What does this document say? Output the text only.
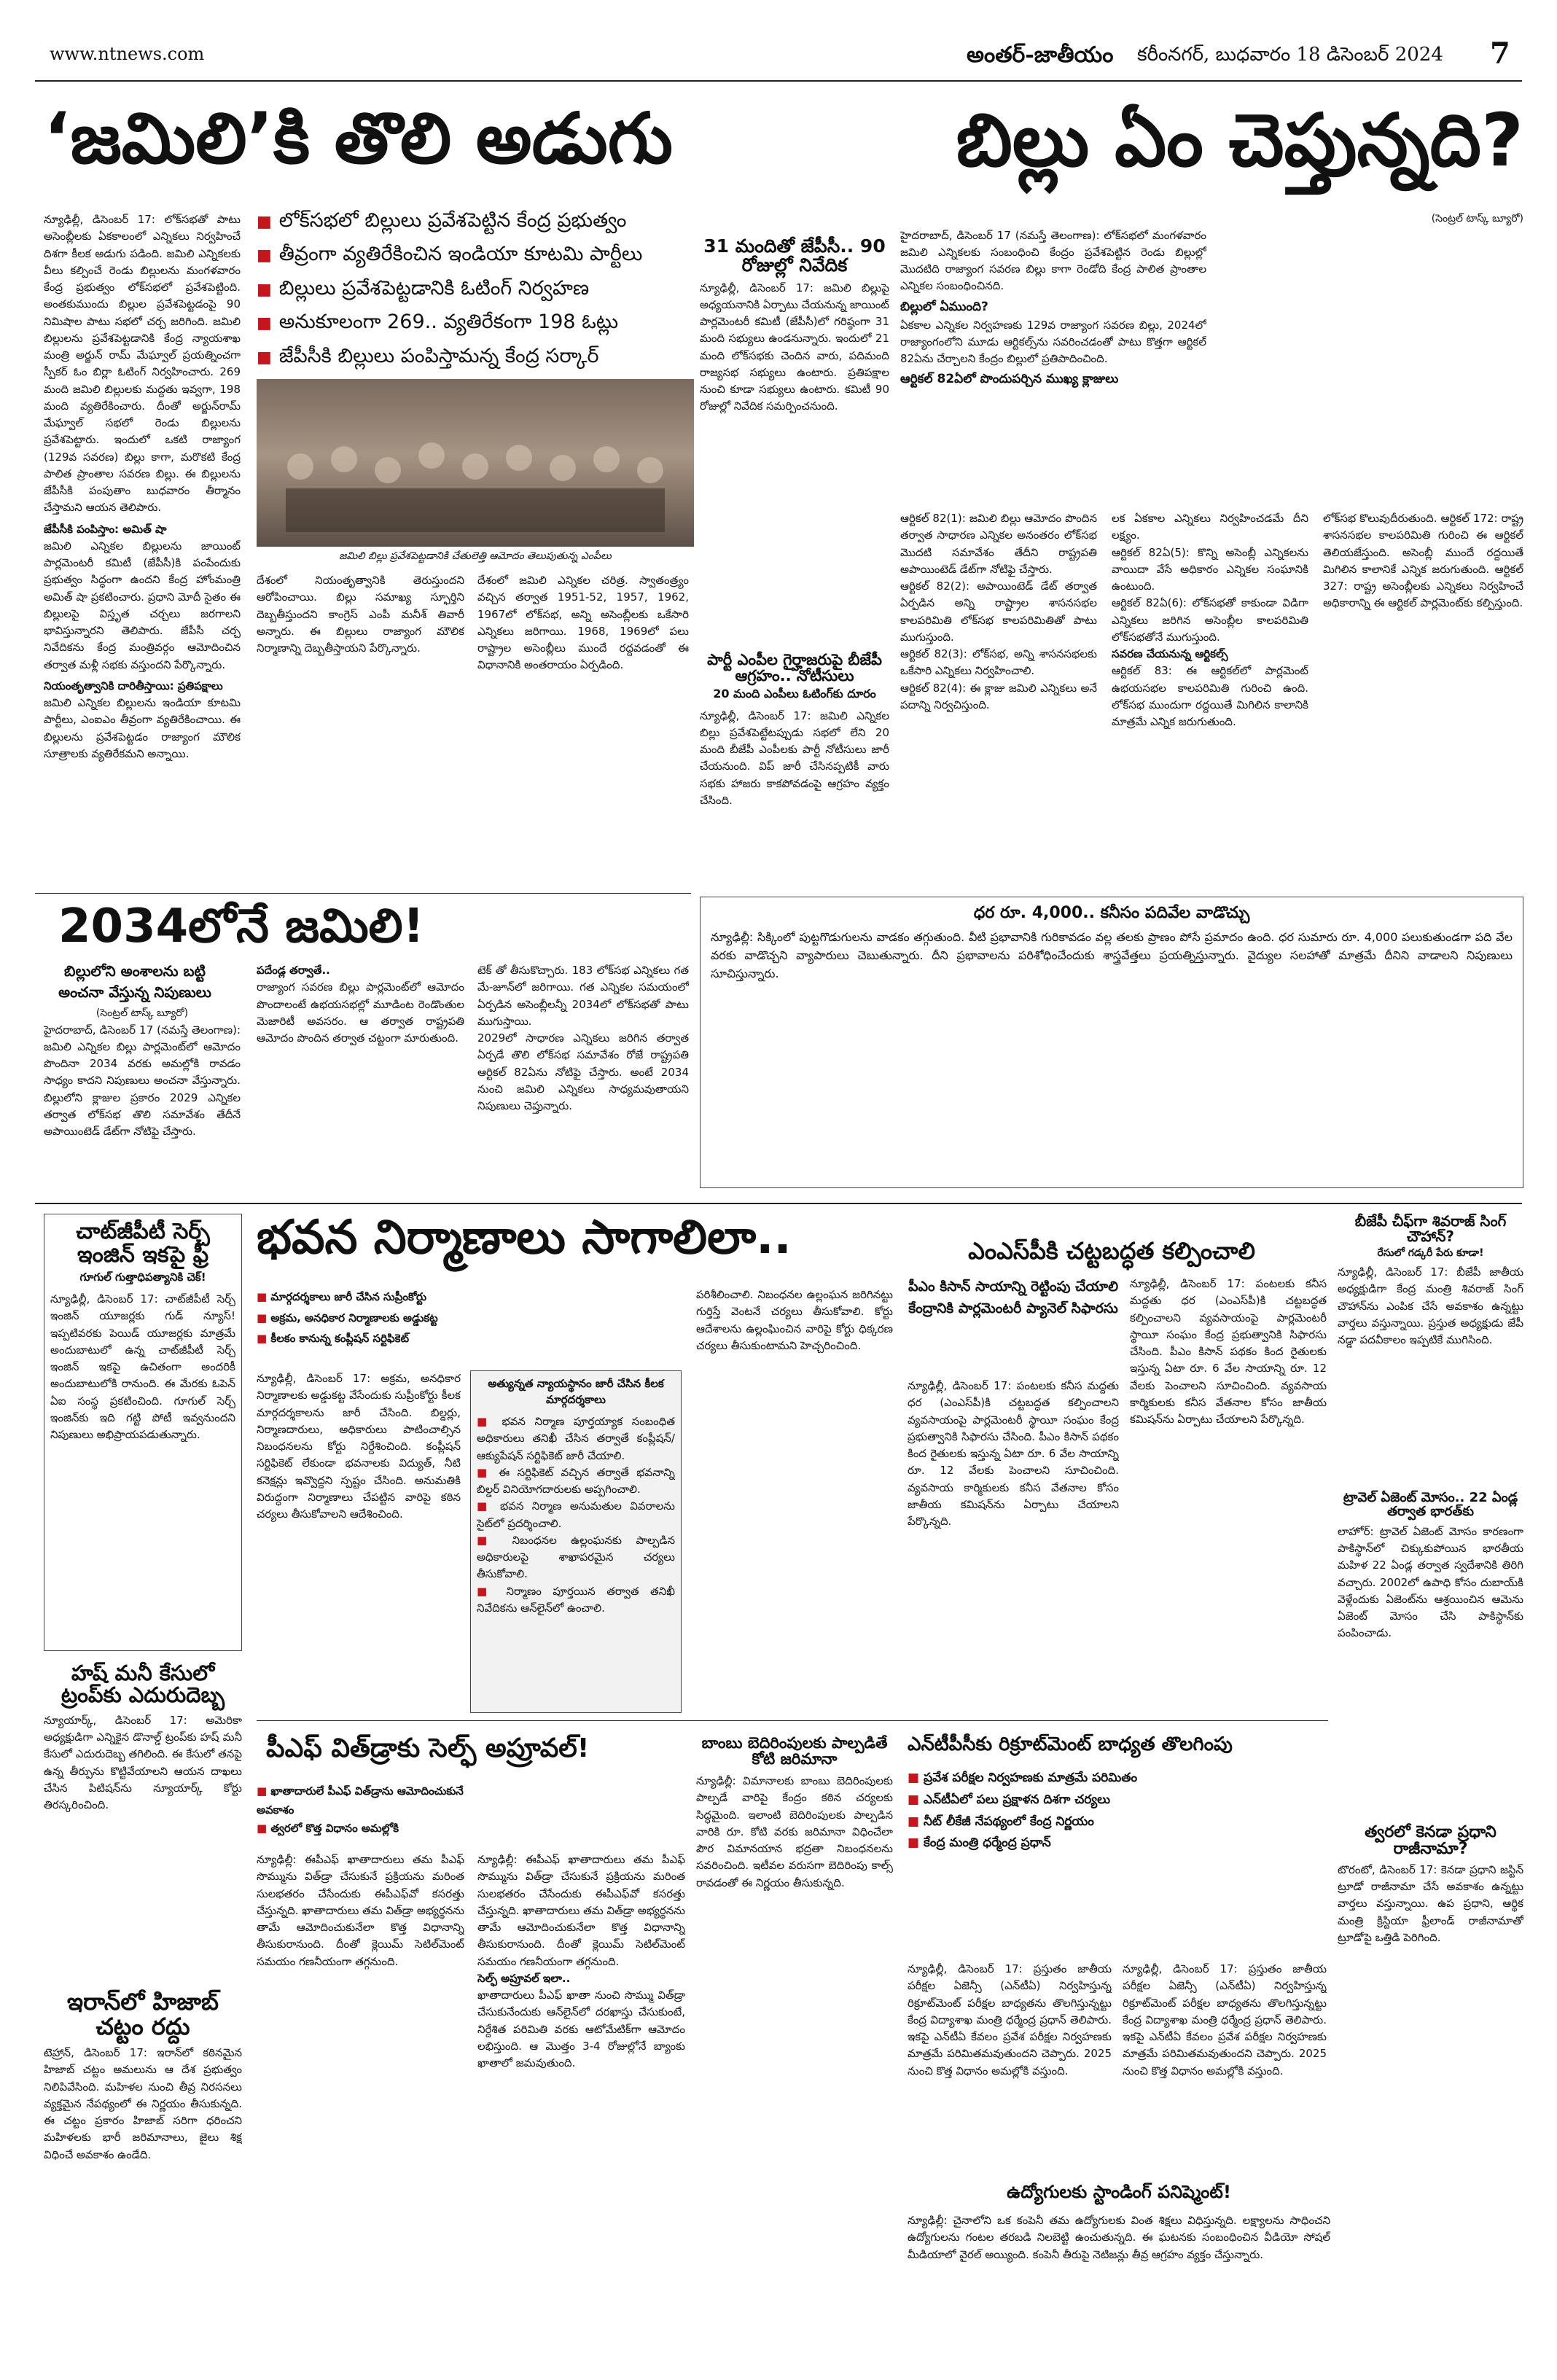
www.ntnews.com	అంతర్‌-జాతీయం కరీంనగర్‌, బుధవారం 18 డిసెంబర్‌ 2024 7
‘జమిలి’కి తొలి అడుగు	బిల్లు ఏం చెప్తున్నది?
న్యూఢిల్లీ, డిసెంబర్‌ 17: లోక్‌సభతో పాటు అసెంబ్లీలకు ఏకకాలంలో ఎన్నికలు నిర్వహించే దిశగా కీలక అడుగు పడింది. జమిలి ఎన్నికలకు వీలు కల్పించే రెండు బిల్లులను మంగళవారం కేంద్ర ప్రభుత్వం లోక్‌సభలో ప్రవేశపెట్టింది. అంతకుముందు బిల్లుల ప్రవేశపెట్టడంపై 90 నిమిషాల పాటు సభలో చర్చ జరిగింది. జమిలి బిల్లులను ప్రవేశపెట్టడానికి కేంద్ర న్యాయశాఖ మంత్రి అర్జున్‌ రామ్‌ మేఘ్వాల్‌ ప్రయత్నించగా స్పీకర్‌ ఓం బిర్లా ఓటింగ్‌ నిర్వహించారు. 269 మంది జమిలి బిల్లులకు మద్దతు ఇవ్వగా, 198 మంది వ్యతిరేకించారు. దీంతో అర్జున్‌రామ్‌ మేఘ్వాల్‌ సభలో రెండు బిల్లులను ప్రవేశపెట్టారు. ఇందులో ఒకటి రాజ్యాంగ (129వ సవరణ) బిల్లు కాగా, మరొకటి కేంద్ర పాలిత ప్రాంతాల సవరణ బిల్లు. ఈ బిల్లులను జేపీసీకి పంపుతాం బుధవారం తీర్మానం చేస్తామని ఆయన తెలిపారు.
జేపీసీకి పంపిస్తాం: అమిత్‌ షా
జమిలి ఎన్నికల బిల్లులను జాయింట్‌ పార్లమెంటరీ కమిటీ (జేపీసీ)కి పంపేందుకు ప్రభుత్వం సిద్ధంగా ఉందని కేంద్ర హోంమంత్రి అమిత్‌ షా ప్రకటించారు. ప్రధాని మోదీ సైతం ఈ బిల్లులపై విస్తృత చర్చలు జరగాలని భావిస్తున్నారని తెలిపారు. జేపీసీ చర్చ నివేదికను కేంద్ర మంత్రివర్గం ఆమోదించిన తర్వాత మళ్లీ సభకు వస్తుందని పేర్కొన్నారు.
నియంతృత్వానికి దారితీస్తాయి: ప్రతిపక్షాలు
జమిలి ఎన్నికల బిల్లులను ఇండియా కూటమి పార్టీలు, ఎంఐఎం తీవ్రంగా వ్యతిరేకించాయి. ఈ బిల్లులను ప్రవేశపెట్టడం రాజ్యాంగ మౌలిక సూత్రాలకు వ్యతిరేకమని అన్నాయి.
■ లోక్‌సభలో బిల్లులు ప్రవేశపెట్టిన కేంద్ర ప్రభుత్వం
■ తీవ్రంగా వ్యతిరేకించిన ఇండియా కూటమి పార్టీలు
■ బిల్లులు ప్రవేశపెట్టడానికి ఓటింగ్‌ నిర్వహణ
■ అనుకూలంగా 269.. వ్యతిరేకంగా 198 ఓట్లు
■ జేపీసీకి బిల్లులు పంపిస్తామన్న కేంద్ర సర్కార్‌
జమిలి బిల్లు ప్రవేశపెట్టడానికి చేతులెత్తి ఆమోదం తెలుపుతున్న ఎంపీలు
దేశంలో నియంతృత్వానికి తెరుస్తుందని ఆరోపించాయి. బిల్లు సమాఖ్య స్ఫూర్తిని దెబ్బతీస్తుందని కాంగ్రెస్‌ ఎంపీ మనీశ్‌ తివారీ అన్నారు. ఈ బిల్లులు రాజ్యాంగ మౌలిక నిర్మాణాన్ని దెబ్బతీస్తాయని పేర్కొన్నారు.
దేశంలో జమిలి ఎన్నికల చరిత్ర. స్వాతంత్ర్యం వచ్చిన తర్వాత 1951-52, 1957, 1962, 1967లో లోక్‌సభ, అన్ని అసెంబ్లీలకు ఒకేసారి ఎన్నికలు జరిగాయి. 1968, 1969లో పలు రాష్ట్రాల అసెంబ్లీలు ముందే రద్దవడంతో ఈ విధానానికి అంతరాయం ఏర్పడింది.
31 మందితో జేపీసీ.. 90 రోజుల్లో నివేదిక
న్యూఢిల్లీ, డిసెంబర్‌ 17: జమిలి బిల్లుపై అధ్యయనానికి ఏర్పాటు చేయనున్న జాయింట్‌ పార్లమెంటరీ కమిటీ (జేపీసీ)లో గరిష్ఠంగా 31 మంది సభ్యులు ఉండనున్నారు. ఇందులో 21 మంది లోక్‌సభకు చెందిన వారు, పదిమంది రాజ్యసభ సభ్యులు ఉంటారు. ప్రతిపక్షాల నుంచి కూడా సభ్యులు ఉంటారు. కమిటీ 90 రోజుల్లో నివేదిక సమర్పించనుంది.
పార్టీ ఎంపీల గైర్హాజరుపై బీజేపీ ఆగ్రహం.. నోటీసులు
20 మంది ఎంపీలు ఓటింగ్‌కు దూరం
న్యూఢిల్లీ, డిసెంబర్‌ 17: జమిలి ఎన్నికల బిల్లు ప్రవేశపెట్టేటప్పుడు సభలో లేని 20 మంది బీజేపీ ఎంపీలకు పార్టీ నోటీసులు జారీ చేయనుంది. విప్‌ జారీ చేసినప్పటికీ వారు సభకు హాజరు కాకపోవడంపై ఆగ్రహం వ్యక్తం చేసింది.
(సెంట్రల్‌ టాస్క్‌ బ్యూరో)
హైదరాబాద్‌, డిసెంబర్‌ 17 (నమస్తే తెలంగాణ): లోక్‌సభలో మంగళవారం జమిలి ఎన్నికలకు సంబంధించి కేంద్రం ప్రవేశపెట్టిన రెండు బిల్లుల్లో మొదటిది రాజ్యాంగ సవరణ బిల్లు కాగా రెండోది కేంద్ర పాలిత ప్రాంతాల ఎన్నికల సంబంధించినది.
బిల్లులో ఏముంది?
ఏకకాల ఎన్నికల నిర్వహణకు 129వ రాజ్యాంగ సవరణ బిల్లు, 2024లో రాజ్యాంగంలోని మూడు ఆర్టికల్స్‌ను సవరించడంతో పాటు కొత్తగా ఆర్టికల్‌ 82ఏను చేర్చాలని కేంద్రం బిల్లులో ప్రతిపాదించింది.
ఆర్టికల్‌ 82ఏలో పొందుపర్చిన ముఖ్య క్లాజులు
ఆర్టికల్‌ 82(1): జమిలి బిల్లు ఆమోదం పొందిన తర్వాత సాధారణ ఎన్నికల అనంతరం లోక్‌సభ మొదటి సమావేశం తేదీని రాష్ట్రపతి అపాయింటెడ్‌ డేట్‌గా నోటిఫై చేస్తారు.
ఆర్టికల్‌ 82(2): అపాయింటెడ్‌ డేట్‌ తర్వాత ఏర్పడిన అన్ని రాష్ట్రాల శాసనసభల కాలపరిమితి లోక్‌సభ కాలపరిమితితో పాటు ముగుస్తుంది.
ఆర్టికల్‌ 82(3): లోక్‌సభ, అన్ని శాసనసభలకు ఒకేసారి ఎన్నికలు నిర్వహించాలి.
ఆర్టికల్‌ 82(4): ఈ క్లాజు జమిలి ఎన్నికలు అనే పదాన్ని నిర్వచిస్తుంది.
లక ఏకకాల ఎన్నికలు నిర్వహించడమే దీని లక్ష్యం.
ఆర్టికల్‌ 82ఏ(5): కొన్ని అసెంబ్లీ ఎన్నికలను వాయిదా వేసే అధికారం ఎన్నికల సంఘానికి ఉంటుంది.
ఆర్టికల్‌ 82ఏ(6): లోక్‌సభతో కాకుండా విడిగా ఎన్నికలు జరిగిన అసెంబ్లీల కాలపరిమితి లోక్‌సభతోనే ముగుస్తుంది.
సవరణ చేయనున్న ఆర్టికల్స్‌
ఆర్టికల్‌ 83: ఈ ఆర్టికల్‌లో పార్లమెంట్‌ ఉభయసభల కాలపరిమితి గురించి ఉంది. లోక్‌సభ ముందుగా రద్దయితే మిగిలిన కాలానికి మాత్రమే ఎన్నిక జరుగుతుంది.
లోక్‌సభ కొలువుదీరుతుంది. ఆర్టికల్‌ 172: రాష్ట్ర శాసనసభల కాలపరిమితి గురించి ఈ ఆర్టికల్‌ తెలియజేస్తుంది. అసెంబ్లీ ముందే రద్దయితే మిగిలిన కాలానికే ఎన్నిక జరుగుతుంది. ఆర్టికల్‌ 327: రాష్ట్ర అసెంబ్లీలకు ఎన్నికలు నిర్వహించే అధికారాన్ని ఈ ఆర్టికల్‌ పార్లమెంట్‌కు కల్పిస్తుంది.
ధర రూ. 4,000.. కనీసం పదివేల వాడొచ్చు
న్యూఢిల్లీ: సిక్కింలో పుట్టగొడుగులను వాడకం తగ్గుతుంది. వీటి ప్రభావానికి గురికావడం వల్ల తలకు ప్రాణం పోసే ప్రమాదం ఉంది. ధర సుమారు రూ. 4,000 పలుకుతుండగా పది వేల వరకు వాడొచ్చని వ్యాపారులు చెబుతున్నారు. దీని ప్రభావాలను పరిశోధించేందుకు శాస్త్రవేత్తలు ప్రయత్నిస్తున్నారు. వైద్యుల సలహాతో మాత్రమే దీనిని వాడాలని నిపుణులు సూచిస్తున్నారు.
2034లోనే జమిలి!
బిల్లులోని అంశాలను బట్టి అంచనా వేస్తున్న నిపుణులు
(సెంట్రల్‌ టాస్క్‌ బ్యూరో)
హైదరాబాద్‌, డిసెంబర్‌ 17 (నమస్తే తెలంగాణ): జమిలి ఎన్నికల బిల్లు పార్లమెంట్‌లో ఆమోదం పొందినా 2034 వరకు అమల్లోకి రావడం సాధ్యం కాదని నిపుణులు అంచనా వేస్తున్నారు. బిల్లులోని క్లాజుల ప్రకారం 2029 ఎన్నికల తర్వాత లోక్‌సభ తొలి సమావేశం తేదీనే అపాయింటెడ్‌ డేట్‌గా నోటిఫై చేస్తారు.
పదేండ్ల తర్వాతే..
రాజ్యాంగ సవరణ బిల్లు పార్లమెంట్‌లో ఆమోదం పొందాలంటే ఉభయసభల్లో మూడింట రెండొంతుల మెజారిటీ అవసరం. ఆ తర్వాత రాష్ట్రపతి ఆమోదం పొందిన తర్వాత చట్టంగా మారుతుంది.
టెక్‌ తో తీసుకొచ్చారు. 183 లోక్‌సభ ఎన్నికలు గత మే-జూన్‌లో జరిగాయి. గత ఎన్నికల సమయంలో ఏర్పడిన అసెంబ్లీలన్నీ 2034లో లోక్‌సభతో పాటు ముగుస్తాయి.
2029లో సాధారణ ఎన్నికలు జరిగిన తర్వాత ఏర్పడే తొలి లోక్‌సభ సమావేశం రోజే రాష్ట్రపతి ఆర్టికల్‌ 82ఏను నోటిఫై చేస్తారు. అంటే 2034 నుంచి జమిలి ఎన్నికలు సాధ్యమవుతాయని నిపుణులు చెప్తున్నారు.
చాట్‌జీపీటీ సెర్చ్‌ ఇంజిన్‌ ఇకపై ఫ్రీ
గూగుల్‌ గుత్తాధిపత్యానికి చెక్‌!
న్యూఢిల్లీ, డిసెంబర్‌ 17: చాట్‌జీపీటీ సెర్చ్‌ ఇంజిన్‌ యూజర్లకు గుడ్‌ న్యూస్‌! ఇప్పటివరకు పెయిడ్‌ యూజర్లకు మాత్రమే అందుబాటులో ఉన్న చాట్‌జీపీటీ సెర్చ్‌ ఇంజిన్‌ ఇకపై ఉచితంగా అందరికీ అందుబాటులోకి రానుంది. ఈ మేరకు ఓపెన్‌ ఏఐ సంస్థ ప్రకటించింది. గూగుల్‌ సెర్చ్‌ ఇంజిన్‌కు ఇది గట్టి పోటీ ఇవ్వనుందని నిపుణులు అభిప్రాయపడుతున్నారు.
హష్‌ మనీ కేసులో ట్రంప్‌కు ఎదురుదెబ్బ
న్యూయార్క్‌, డిసెంబర్‌ 17: అమెరికా అధ్యక్షుడిగా ఎన్నికైన డొనాల్డ్‌ ట్రంప్‌కు హష్‌ మనీ కేసులో ఎదురుదెబ్బ తగిలింది. ఈ కేసులో తనపై ఉన్న తీర్పును కొట్టివేయాలని ఆయన దాఖలు చేసిన పిటిషన్‌ను న్యూయార్క్‌ కోర్టు తిరస్కరించింది.
ఇరాన్‌లో హిజాబ్‌ చట్టం రద్దు
టెహ్రాన్‌, డిసెంబర్‌ 17: ఇరాన్‌లో కఠినమైన హిజాబ్‌ చట్టం అమలును ఆ దేశ ప్రభుత్వం నిలిపివేసింది. మహిళల నుంచి తీవ్ర నిరసనలు వ్యక్తమైన నేపథ్యంలో ఈ నిర్ణయం తీసుకున్నది. ఈ చట్టం ప్రకారం హిజాబ్‌ సరిగా ధరించని మహిళలకు భారీ జరిమానాలు, జైలు శిక్ష విధించే అవకాశం ఉండేది.
భవన నిర్మాణాలు సాగాలిలా..
■ మార్గదర్శకాలు జారీ చేసిన సుప్రీంకోర్టు
■ అక్రమ, అనధికార నిర్మాణాలకు అడ్డుకట్ట
■ కీలకం కానున్న కంప్లీషన్‌ సర్టిఫికెట్‌
న్యూఢిల్లీ, డిసెంబర్‌ 17: అక్రమ, అనధికార నిర్మాణాలకు అడ్డుకట్ట వేసేందుకు సుప్రీంకోర్టు కీలక మార్గదర్శకాలను జారీ చేసింది. బిల్డర్లు, నిర్మాణదారులు, అధికారులు పాటించాల్సిన నిబంధనలను కోర్టు నిర్దేశించింది. కంప్లీషన్‌ సర్టిఫికెట్‌ లేకుండా భవనాలకు విద్యుత్‌, నీటి కనెక్షన్లు ఇవ్వొద్దని స్పష్టం చేసింది. అనుమతికి విరుద్ధంగా నిర్మాణాలు చేపట్టిన వారిపై కఠిన చర్యలు తీసుకోవాలని ఆదేశించింది.
అత్యున్నత న్యాయస్థానం జారీ చేసిన కీలక మార్గదర్శకాలు
■ భవన నిర్మాణ పూర్తయ్యాక సంబంధిత అధికారులు తనిఖీ చేసిన తర్వాతే కంప్లీషన్‌/ఆక్యుపేషన్‌ సర్టిఫికెట్‌ జారీ చేయాలి.
■ ఈ సర్టిఫికెట్‌ వచ్చిన తర్వాతే భవనాన్ని బిల్డర్‌ వినియోగదారులకు అప్పగించాలి.
■ భవన నిర్మాణ అనుమతుల వివరాలను సైట్‌లో ప్రదర్శించాలి.
■ నిబంధనల ఉల్లంఘనకు పాల్పడిన అధికారులపై శాఖాపరమైన చర్యలు తీసుకోవాలి.
■ నిర్మాణం పూర్తయిన తర్వాత తనిఖీ నివేదికను ఆన్‌లైన్‌లో ఉంచాలి.
పరిశీలించాలి. నిబంధనల ఉల్లంఘన జరిగినట్టు గుర్తిస్తే వెంటనే చర్యలు తీసుకోవాలి. కోర్టు ఆదేశాలను ఉల్లంఘించిన వారిపై కోర్టు ధిక్కరణ చర్యలు తీసుకుంటామని హెచ్చరించింది.
ఎంఎస్‌పీకి చట్టబద్ధత కల్పించాలి
పీఎం కిసాన్‌ సాయాన్ని రెట్టింపు చేయాలి కేంద్రానికి పార్లమెంటరీ ప్యానెల్‌ సిఫారసు
న్యూఢిల్లీ, డిసెంబర్‌ 17: పంటలకు కనీస మద్దతు ధర (ఎంఎస్‌పీ)కి చట్టబద్ధత కల్పించాలని వ్యవసాయంపై పార్లమెంటరీ స్థాయీ సంఘం కేంద్ర ప్రభుత్వానికి సిఫారసు చేసింది. పీఎం కిసాన్‌ పథకం కింద రైతులకు ఇస్తున్న ఏటా రూ. 6 వేల సాయాన్ని రూ. 12 వేలకు పెంచాలని సూచించింది. వ్యవసాయ కార్మికులకు కనీస వేతనాల కోసం జాతీయ కమిషన్‌ను ఏర్పాటు చేయాలని పేర్కొన్నది.
న్యూఢిల్లీ, డిసెంబర్‌ 17: పంటలకు కనీస మద్దతు ధర (ఎంఎస్‌పీ)కి చట్టబద్ధత కల్పించాలని వ్యవసాయంపై పార్లమెంటరీ స్థాయీ సంఘం కేంద్ర ప్రభుత్వానికి సిఫారసు చేసింది. పీఎం కిసాన్‌ పథకం కింద రైతులకు ఇస్తున్న ఏటా రూ. 6 వేల సాయాన్ని రూ. 12 వేలకు పెంచాలని సూచించింది. వ్యవసాయ కార్మికులకు కనీస వేతనాల కోసం జాతీయ కమిషన్‌ను ఏర్పాటు చేయాలని పేర్కొన్నది.
బీజేపీ చీఫ్‌గా శివరాజ్‌ సింగ్‌ చౌహాన్‌?
రేసులో గడ్కరీ పేరు కూడా!
న్యూఢిల్లీ, డిసెంబర్‌ 17: బీజేపీ జాతీయ అధ్యక్షుడిగా కేంద్ర మంత్రి శివరాజ్‌ సింగ్‌ చౌహాన్‌ను ఎంపిక చేసే అవకాశం ఉన్నట్టు వార్తలు వస్తున్నాయి. ప్రస్తుత అధ్యక్షుడు జేపీ నడ్డా పదవీకాలం ఇప్పటికే ముగిసింది.
ట్రావెల్‌ ఏజెంట్‌ మోసం.. 22 ఏండ్ల తర్వాత భారత్‌కు
లాహోర్‌: ట్రావెల్‌ ఏజెంట్‌ మోసం కారణంగా పాకిస్థాన్‌లో చిక్కుకుపోయిన భారతీయ మహిళ 22 ఏండ్ల తర్వాత స్వదేశానికి తిరిగి వచ్చారు. 2002లో ఉపాధి కోసం దుబాయ్‌కి వెళ్లేందుకు ఏజెంట్‌ను ఆశ్రయించిన ఆమెను ఏజెంట్‌ మోసం చేసి పాకిస్థాన్‌కు పంపించాడు.
త్వరలో కెనడా ప్రధాని రాజీనామా?
టొరంటో, డిసెంబర్‌ 17: కెనడా ప్రధాని జస్టిన్‌ ట్రూడో రాజీనామా చేసే అవకాశం ఉన్నట్టు వార్తలు వస్తున్నాయి. ఉప ప్రధాని, ఆర్థిక మంత్రి క్రిస్టియా ఫ్రీలాండ్‌ రాజీనామాతో ట్రూడోపై ఒత్తిడి పెరిగింది.
పీఎఫ్‌ విత్‌డ్రాకు సెల్ఫ్‌ అప్రూవల్‌!
■ ఖాతాదారులే పీఎఫ్‌ విత్‌డ్రాను ఆమోదించుకునే అవకాశం
■ త్వరలో కొత్త విధానం అమల్లోకి
న్యూఢిల్లీ: ఈపీఎఫ్‌ ఖాతాదారులు తమ పీఎఫ్‌ సొమ్మును విత్‌డ్రా చేసుకునే ప్రక్రియను మరింత సులభతరం చేసేందుకు ఈపీఎఫ్‌వో కసరత్తు చేస్తున్నది. ఖాతాదారులు తమ విత్‌డ్రా అభ్యర్థనను తామే ఆమోదించుకునేలా కొత్త విధానాన్ని తీసుకురానుంది. దీంతో క్లెయిమ్‌ సెటిల్‌మెంట్‌ సమయం గణనీయంగా తగ్గనుంది.
న్యూఢిల్లీ: ఈపీఎఫ్‌ ఖాతాదారులు తమ పీఎఫ్‌ సొమ్మును విత్‌డ్రా చేసుకునే ప్రక్రియను మరింత సులభతరం చేసేందుకు ఈపీఎఫ్‌వో కసరత్తు చేస్తున్నది. ఖాతాదారులు తమ విత్‌డ్రా అభ్యర్థనను తామే ఆమోదించుకునేలా కొత్త విధానాన్ని తీసుకురానుంది. దీంతో క్లెయిమ్‌ సెటిల్‌మెంట్‌ సమయం గణనీయంగా తగ్గనుంది.
సెల్ఫ్‌ అప్రూవల్‌ ఇలా..
ఖాతాదారులు పీఎఫ్‌ ఖాతా నుంచి సొమ్ము విత్‌డ్రా చేసుకునేందుకు ఆన్‌లైన్‌లో దరఖాస్తు చేసుకుంటే, నిర్దేశిత పరిమితి వరకు ఆటోమేటిక్‌గా ఆమోదం లభిస్తుంది. ఆ మొత్తం 3-4 రోజుల్లోనే బ్యాంకు ఖాతాలో జమవుతుంది.
బాంబు బెదిరింపులకు పాల్పడితే కోటి జరిమానా
న్యూఢిల్లీ: విమానాలకు బాంబు బెదిరింపులకు పాల్పడే వారిపై కేంద్రం కఠిన చర్యలకు సిద్ధమైంది. ఇలాంటి బెదిరింపులకు పాల్పడిన వారికి రూ. కోటి వరకు జరిమానా విధించేలా పౌర విమానయాన భద్రతా నిబంధనలను సవరించింది. ఇటీవల వరుసగా బెదిరింపు కాల్స్‌ రావడంతో ఈ నిర్ణయం తీసుకున్నది.
ఎన్‌టీపీసీకు రిక్రూట్‌మెంట్‌ బాధ్యత తొలగింపు
■ ప్రవేశ పరీక్షల నిర్వహణకు మాత్రమే పరిమితం
■ ఎన్‌టీఏలో పలు ప్రక్షాళన దిశగా చర్యలు
■ నీట్‌ లీకేజీ నేపథ్యంలో కేంద్ర నిర్ణయం
■ కేంద్ర మంత్రి ధర్మేంద్ర ప్రధాన్‌
న్యూఢిల్లీ, డిసెంబర్‌ 17: ప్రస్తుతం జాతీయ పరీక్షల ఏజెన్సీ (ఎన్‌టీఏ) నిర్వహిస్తున్న రిక్రూట్‌మెంట్‌ పరీక్షల బాధ్యతను తొలగిస్తున్నట్టు కేంద్ర విద్యాశాఖ మంత్రి ధర్మేంద్ర ప్రధాన్‌ తెలిపారు. ఇకపై ఎన్‌టీఏ కేవలం ప్రవేశ పరీక్షల నిర్వహణకు మాత్రమే పరిమితమవుతుందని చెప్పారు. 2025 నుంచి కొత్త విధానం అమల్లోకి వస్తుంది.
న్యూఢిల్లీ, డిసెంబర్‌ 17: ప్రస్తుతం జాతీయ పరీక్షల ఏజెన్సీ (ఎన్‌టీఏ) నిర్వహిస్తున్న రిక్రూట్‌మెంట్‌ పరీక్షల బాధ్యతను తొలగిస్తున్నట్టు కేంద్ర విద్యాశాఖ మంత్రి ధర్మేంద్ర ప్రధాన్‌ తెలిపారు. ఇకపై ఎన్‌టీఏ కేవలం ప్రవేశ పరీక్షల నిర్వహణకు మాత్రమే పరిమితమవుతుందని చెప్పారు. 2025 నుంచి కొత్త విధానం అమల్లోకి వస్తుంది.
ఉద్యోగులకు స్టాండింగ్‌ పనిష్మెంట్‌!
న్యూఢిల్లీ: చైనాలోని ఒక కంపెనీ తమ ఉద్యోగులకు వింత శిక్షలు విధిస్తున్నది. లక్ష్యాలను సాధించని ఉద్యోగులను గంటల తరబడి నిలబెట్టి ఉంచుతున్నది. ఈ ఘటనకు సంబంధించిన వీడియో సోషల్‌ మీడియాలో వైరల్‌ అయ్యింది. కంపెనీ తీరుపై నెటిజన్లు తీవ్ర ఆగ్రహం వ్యక్తం చేస్తున్నారు.
